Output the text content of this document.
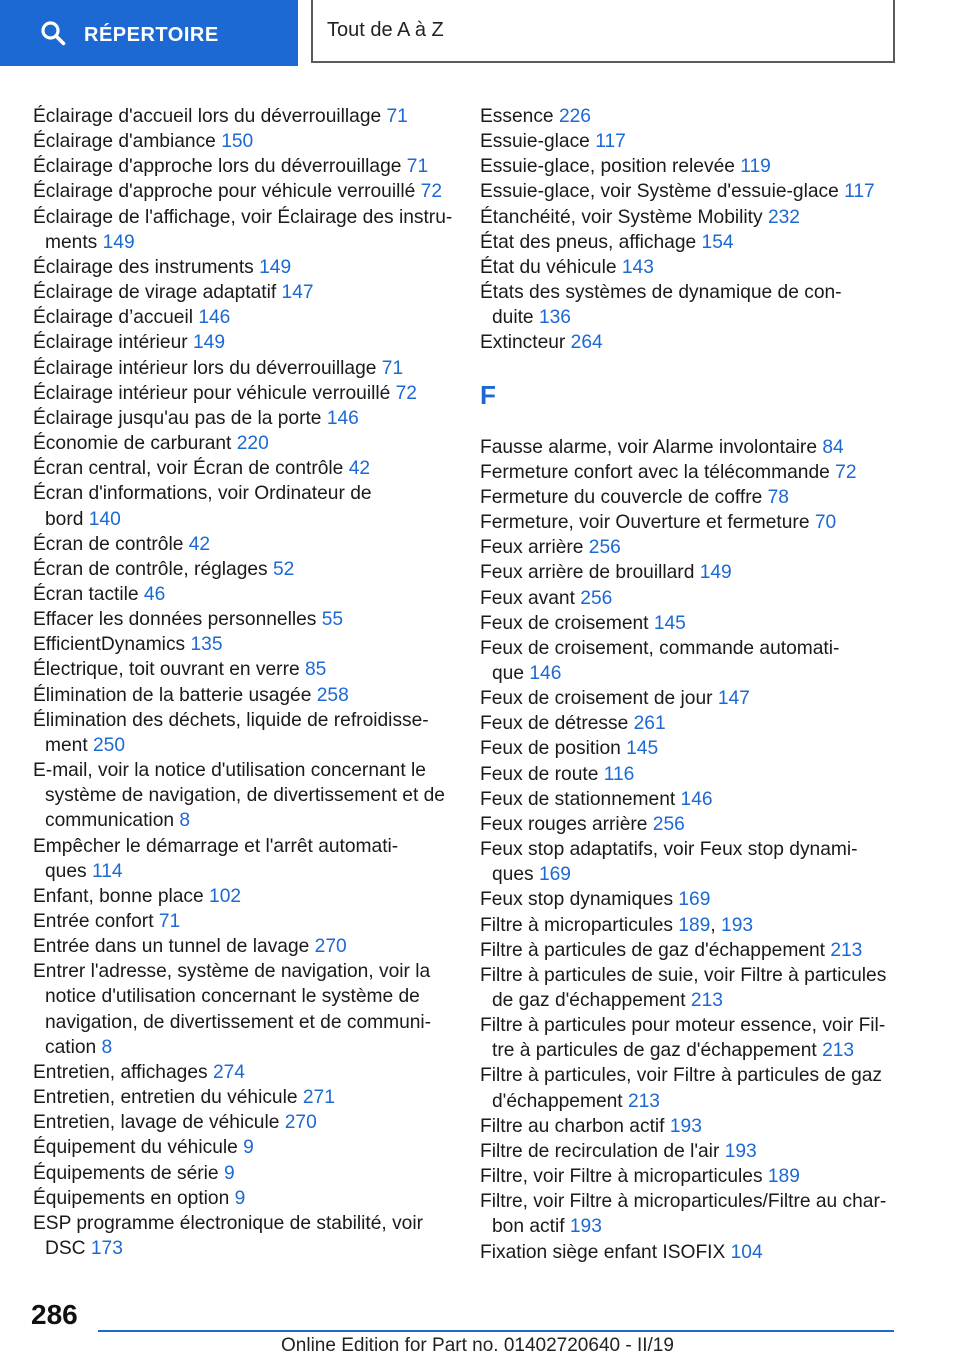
RÉPERTOIRE	Tout de A à Z
Éclairage d'accueil lors du déverrouillage 71
Éclairage d'ambiance 150
Éclairage d'approche lors du déverrouillage 71
Éclairage d'approche pour véhicule verrouillé 72
Éclairage de l'affichage, voir Éclairage des instru‐
ments 149
Éclairage des instruments 149
Éclairage de virage adaptatif 147
Éclairage d’accueil 146
Éclairage intérieur 149
Éclairage intérieur lors du déverrouillage 71
Éclairage intérieur pour véhicule verrouillé 72
Éclairage jusqu'au pas de la porte 146
Économie de carburant 220
Écran central, voir Écran de contrôle 42
Écran d'informations, voir Ordinateur de
bord 140
Écran de contrôle 42
Écran de contrôle, réglages 52
Écran tactile 46
Effacer les données personnelles 55
EfficientDynamics 135
Électrique, toit ouvrant en verre 85
Élimination de la batterie usagée 258
Élimination des déchets, liquide de refroidisse‐
ment 250
E-mail, voir la notice d'utilisation concernant le
système de navigation, de divertissement et de
communication 8
Empêcher le démarrage et l'arrêt automati‐
ques 114
Enfant, bonne place 102
Entrée confort 71
Entrée dans un tunnel de lavage 270
Entrer l'adresse, système de navigation, voir la
notice d'utilisation concernant le système de
navigation, de divertissement et de communi‐
cation 8
Entretien, affichages 274
Entretien, entretien du véhicule 271
Entretien, lavage de véhicule 270
Équipement du véhicule 9
Équipements de série 9
Équipements en option 9
ESP programme électronique de stabilité, voir
DSC 173
Essence 226
Essuie-glace 117
Essuie-glace, position relevée 119
Essuie-glace, voir Système d'essuie-glace 117
Étanchéité, voir Système Mobility 232
État des pneus, affichage 154
État du véhicule 143
États des systèmes de dynamique de con‐
duite 136
Extincteur 264
F
Fausse alarme, voir Alarme involontaire 84
Fermeture confort avec la télécommande 72
Fermeture du couvercle de coffre 78
Fermeture, voir Ouverture et fermeture 70
Feux arrière 256
Feux arrière de brouillard 149
Feux avant 256
Feux de croisement 145
Feux de croisement, commande automati‐
que 146
Feux de croisement de jour 147
Feux de détresse 261
Feux de position 145
Feux de route 116
Feux de stationnement 146
Feux rouges arrière 256
Feux stop adaptatifs, voir Feux stop dynami‐
ques 169
Feux stop dynamiques 169
Filtre à microparticules 189, 193
Filtre à particules de gaz d'échappement 213
Filtre à particules de suie, voir Filtre à particules
de gaz d'échappement 213
Filtre à particules pour moteur essence, voir Fil‐
tre à particules de gaz d'échappement 213
Filtre à particules, voir Filtre à particules de gaz
d'échappement 213
Filtre au charbon actif 193
Filtre de recirculation de l'air 193
Filtre, voir Filtre à microparticules 189
Filtre, voir Filtre à microparticules/Filtre au char‐
bon actif 193
Fixation siège enfant ISOFIX 104
286
Online Edition for Part no. 01402720640 - II/19
